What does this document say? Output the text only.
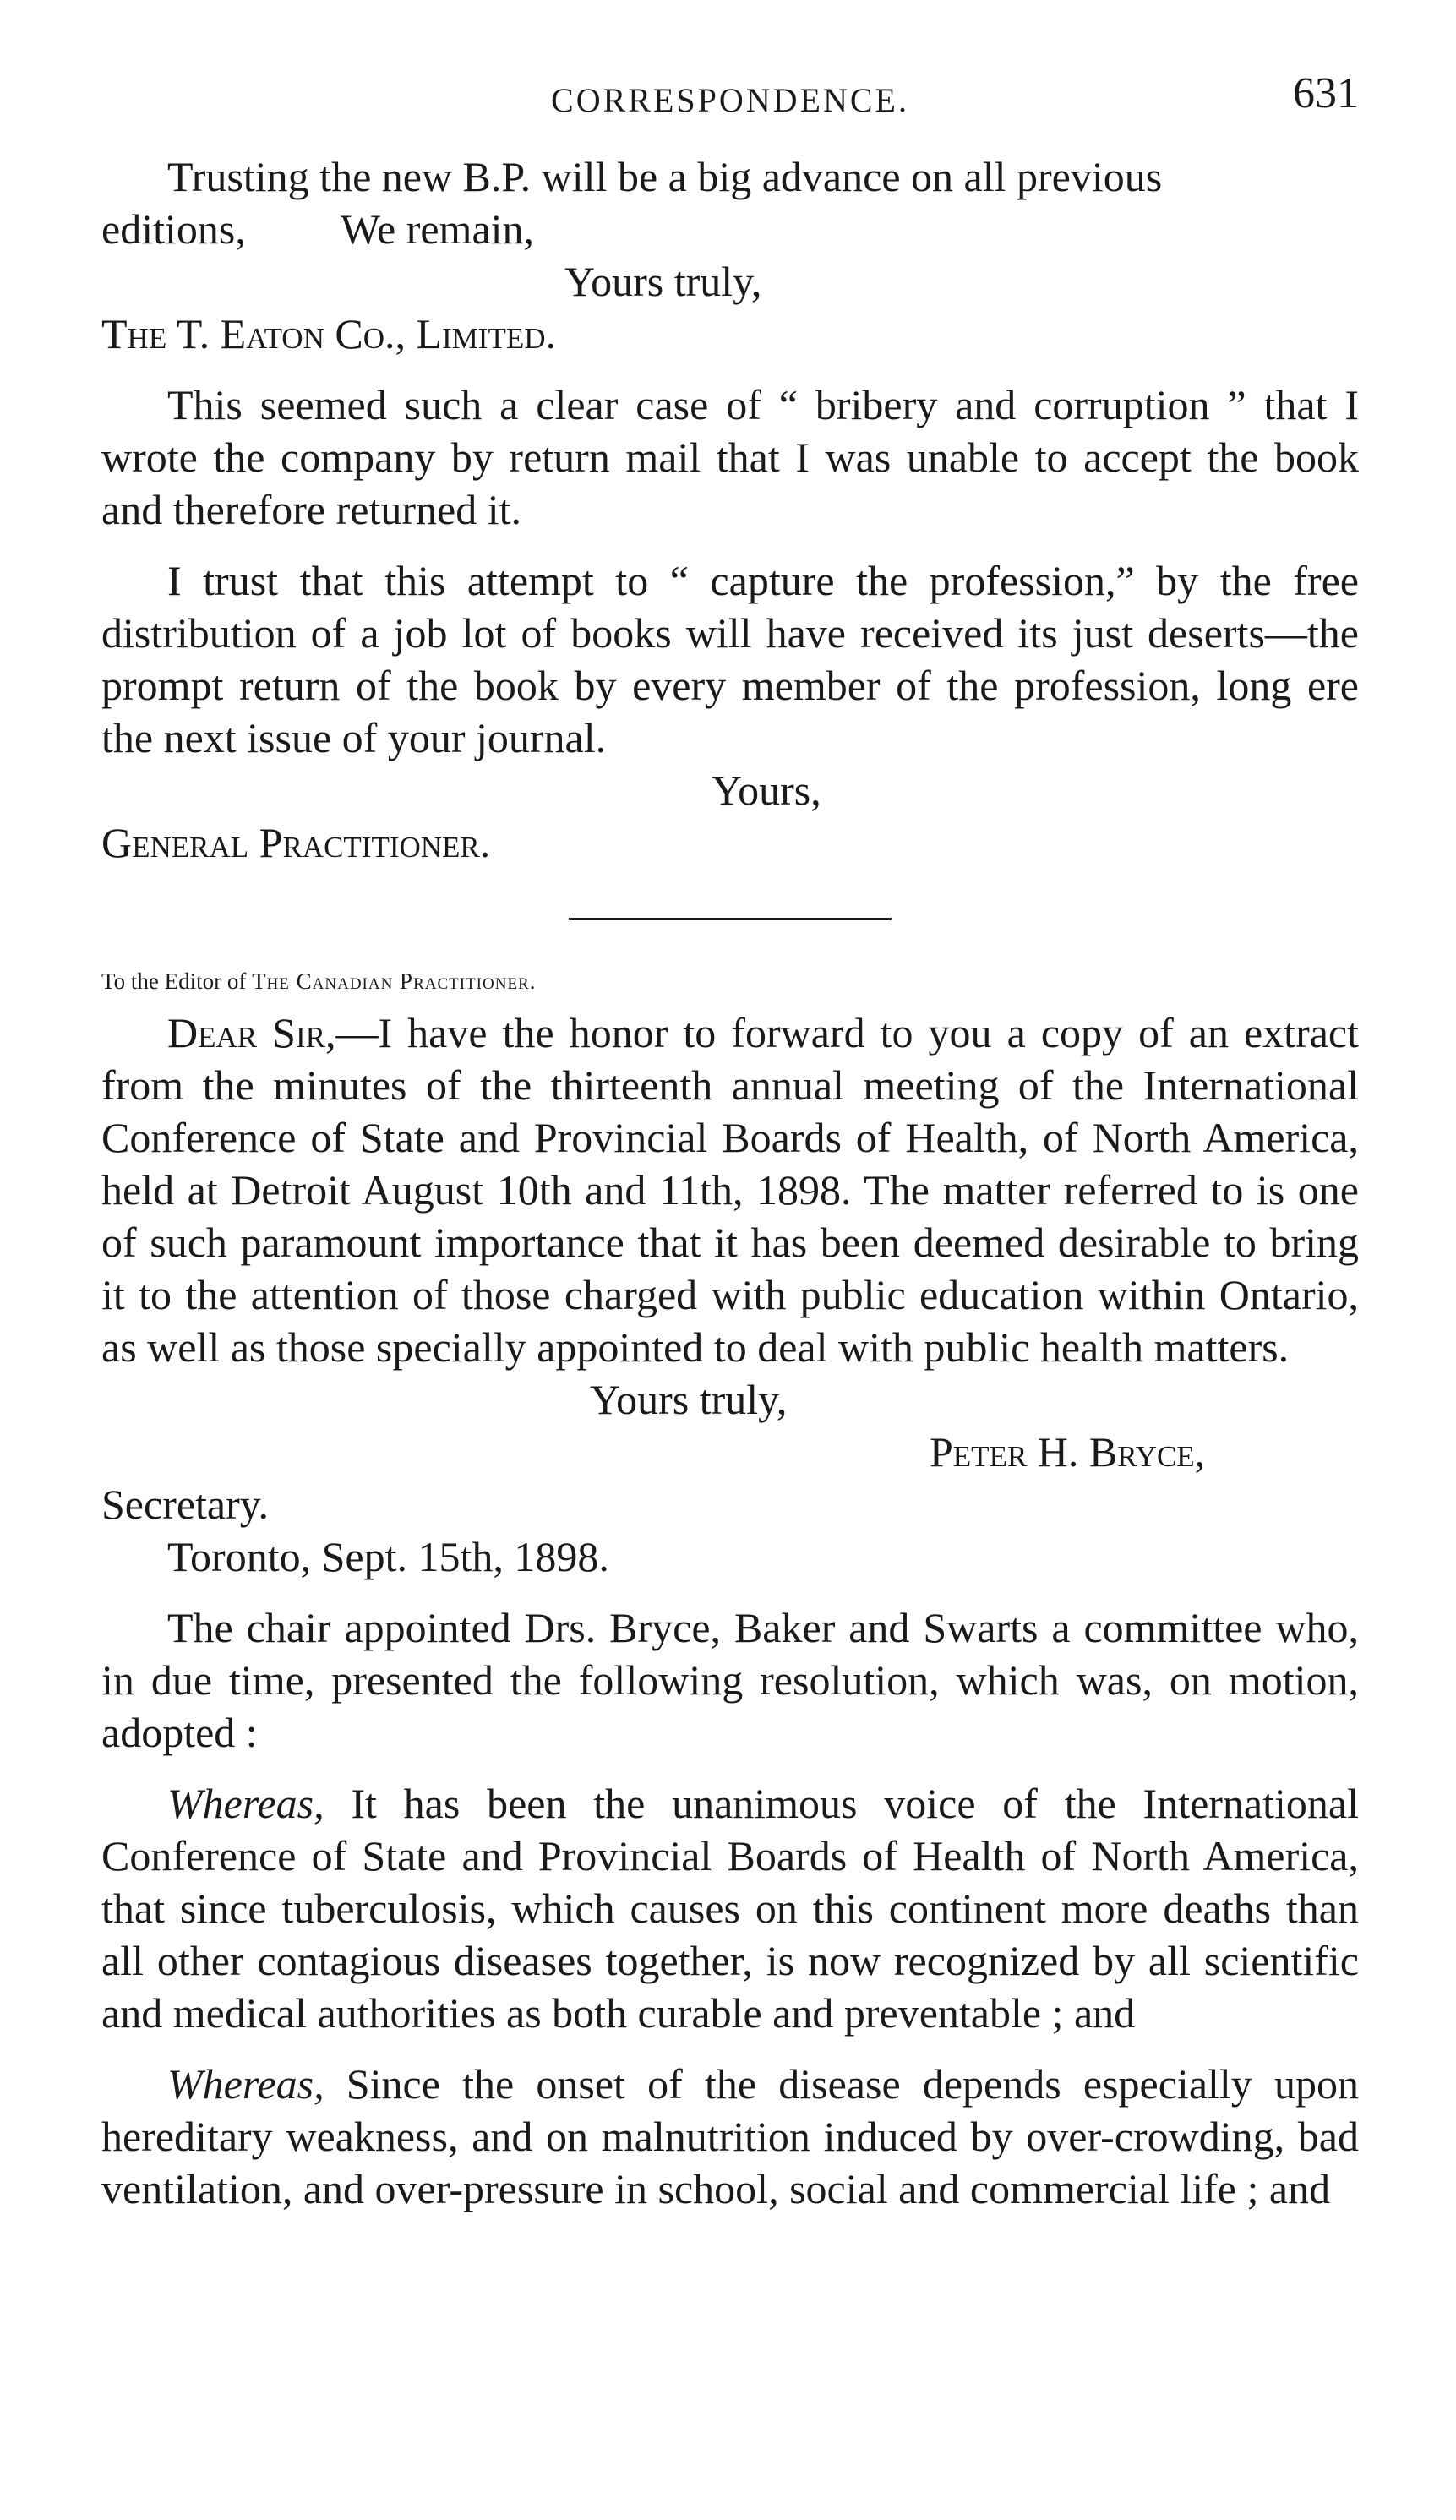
CORRESPONDENCE.	631

Trusting the new B.P. will be a big advance on all previous
editions, We remain,

Yours truly,

The T. Eaton Co., Limited.

This seemed such a clear case of “ bribery and corruption ” that I wrote the company by return mail that I was unable to accept the book and therefore returned it.

I trust that this attempt to “ capture the profession,” by the free distribution of a job lot of books will have received its just deserts—the prompt return of the book by every member of the profession, long ere the next issue of your journal.

Yours,

General Practitioner.

To the Editor of The Canadian Practitioner.

Dear Sir,—I have the honor to forward to you a copy of an extract from the minutes of the thirteenth annual meeting of the International Conference of State and Provincial Boards of Health, of North America, held at Detroit August 10th and 11th, 1898. The matter referred to is one of such paramount importance that it has been deemed desirable to bring it to the attention of those charged with public education within Ontario, as well as those specially appointed to deal with public health matters.

Yours truly,

Peter H. Bryce,

Secretary.

Toronto, Sept. 15th, 1898.

The chair appointed Drs. Bryce, Baker and Swarts a committee who, in due time, presented the following resolution, which was, on motion, adopted :

Whereas, It has been the unanimous voice of the International Conference of State and Provincial Boards of Health of North America, that since tuberculosis, which causes on this continent more deaths than all other contagious diseases together, is now recognized by all scientific and medical authorities as both curable and preventable ; and

Whereas, Since the onset of the disease depends especially upon hereditary weakness, and on malnutrition induced by over-crowding, bad ventilation, and over-pressure in school, social and commercial life ; and
